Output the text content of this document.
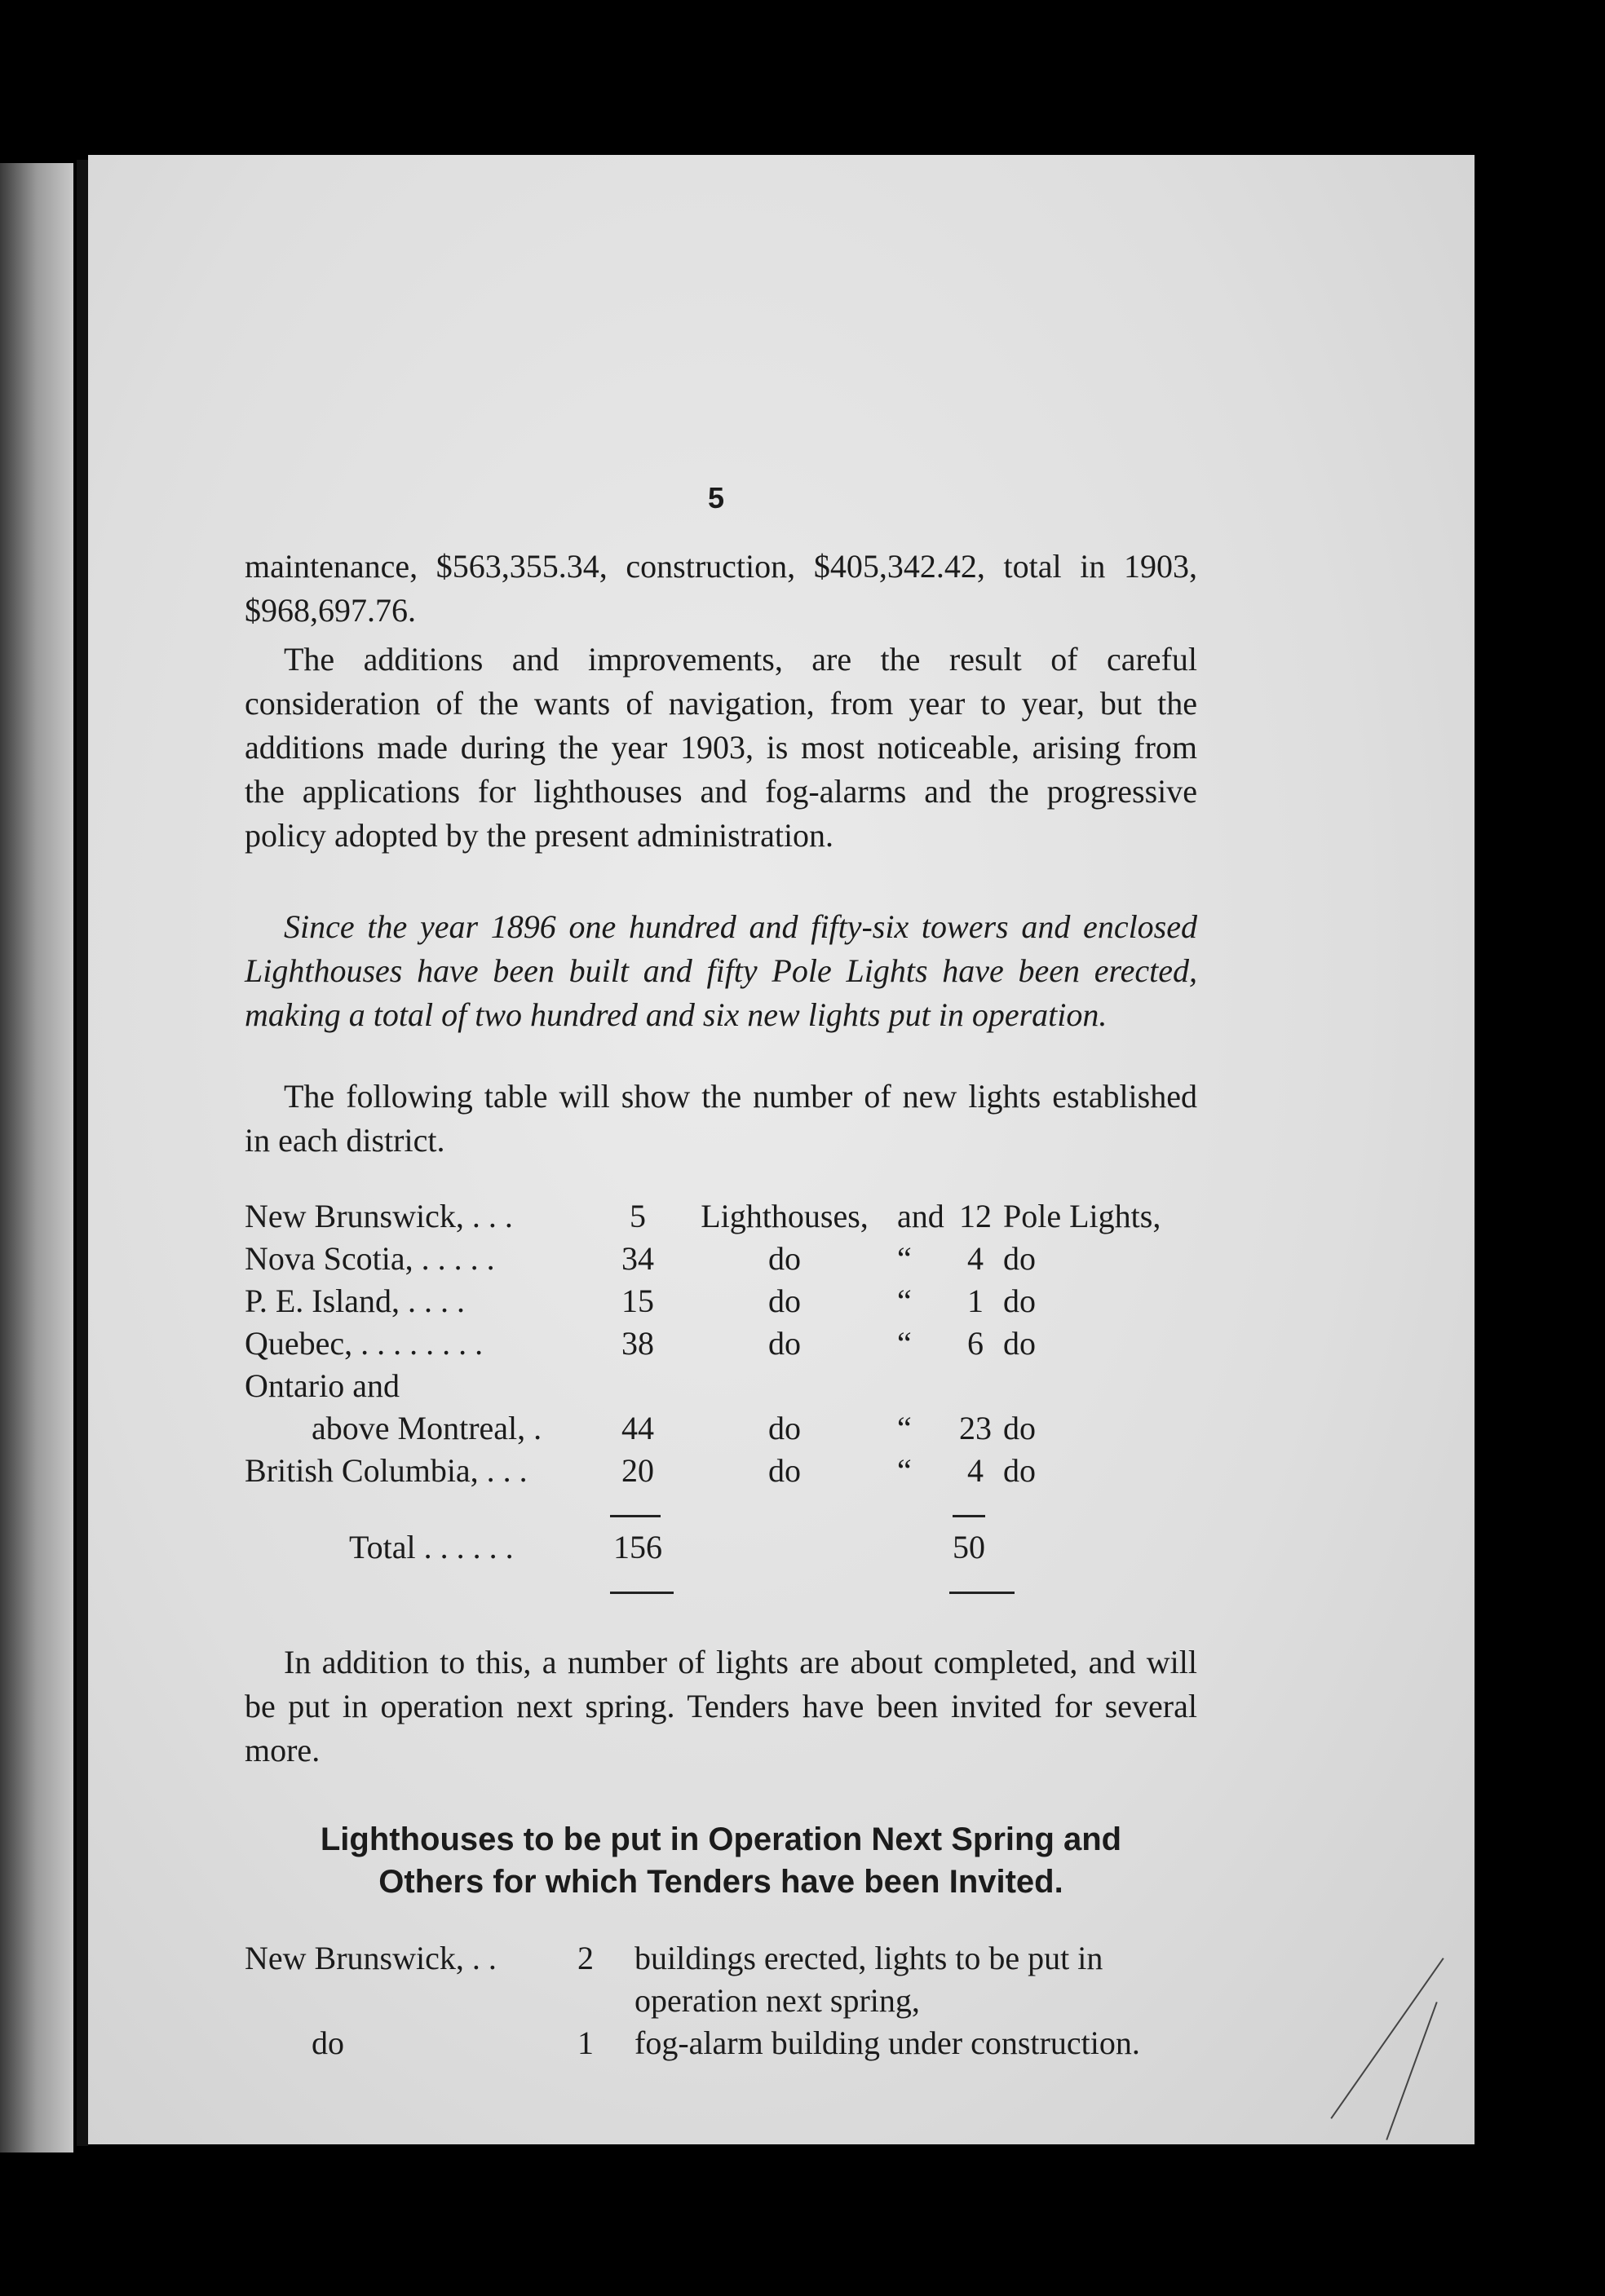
5

maintenance, $563,355.34, construction, $405,342.42, total in 1903, $968,697.76.

The additions and improvements, are the result of careful consideration of the wants of navigation, from year to year, but the additions made during the year 1903, is most noticeable, arising from the applications for lighthouses and fog-alarms and the progressive policy adopted by the present administration.

Since the year 1896 one hundred and fifty-six towers and enclosed Lighthouses have been built and fifty Pole Lights have been erected, making a total of two hundred and six new lights put in operation.

The following table will show the number of new lights established in each district.

New Brunswick, . . .	5	Lighthouses, and 12 Pole Lights,
Nova Scotia, . . . . .	34	do	“	4 do
P. E. Island, . . . .	15	do	“	1 do
Quebec, . . . . . . . .	38	do	“	6 do
Ontario and
above Montreal, . 44	do	“	23 do
British Columbia, . . .	20	do	“	4 do
Total . . . . . .	156	50

In addition to this, a number of lights are about completed, and will be put in operation next spring. Tenders have been invited for several more.

Lighthouses to be put in Operation Next Spring and
Others for which Tenders have been Invited.
New Brunswick, . . 2 buildings erected, lights to be put in operation next spring,
do	1 fog-alarm building under construction.
